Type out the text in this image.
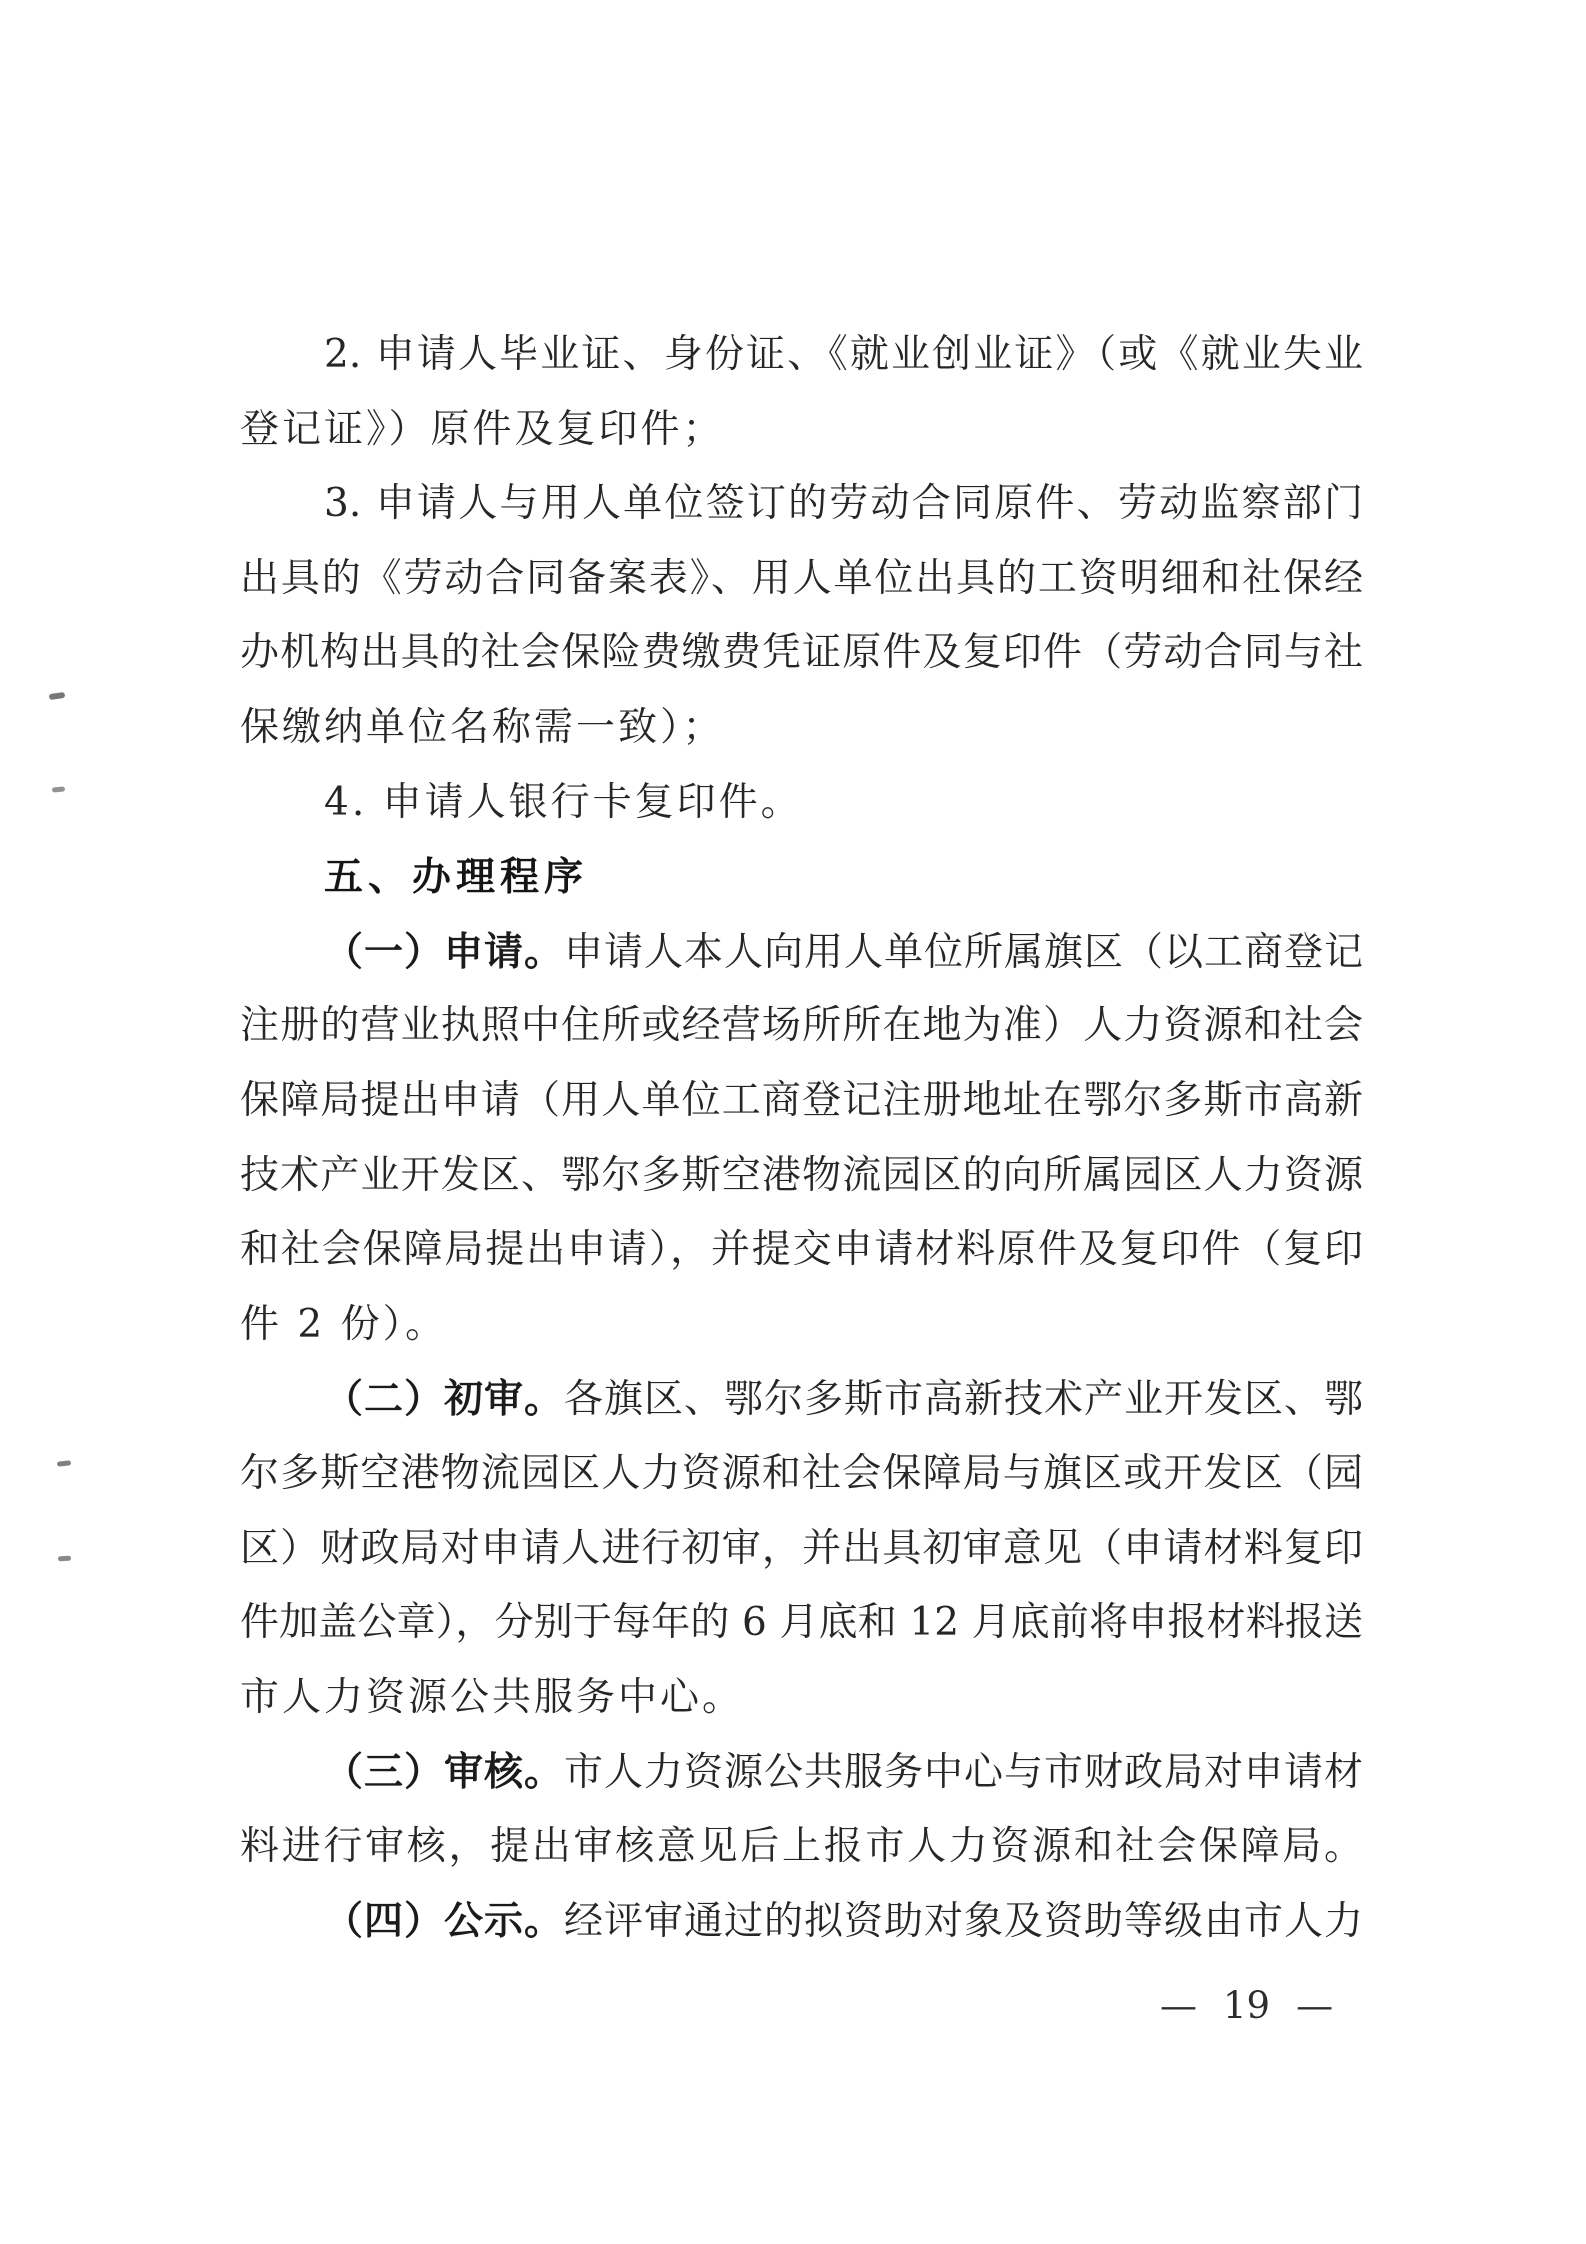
2. 申请人毕业证、身份证、《就业创业证》（或《就业失业
登记证》）原件及复印件；
3. 申请人与用人单位签订的劳动合同原件、劳动监察部门
出具的《劳动合同备案表》、用人单位出具的工资明细和社保经
办机构出具的社会保险费缴费凭证原件及复印件（劳动合同与社
保缴纳单位名称需一致）；
4. 申请人银行卡复印件。
五、办理程序
（一）申请。申请人本人向用人单位所属旗区（以工商登记
注册的营业执照中住所或经营场所所在地为准）人力资源和社会
保障局提出申请（用人单位工商登记注册地址在鄂尔多斯市高新
技术产业开发区、鄂尔多斯空港物流园区的向所属园区人力资源
和社会保障局提出申请），并提交申请材料原件及复印件（复印
件 2 份）。
（二）初审。各旗区、鄂尔多斯市高新技术产业开发区、鄂
尔多斯空港物流园区人力资源和社会保障局与旗区或开发区（园
区）财政局对申请人进行初审，并出具初审意见（申请材料复印
件加盖公章），分别于每年的 6 月底和 12 月底前将申报材料报送
市人力资源公共服务中心。
（三）审核。市人力资源公共服务中心与市财政局对申请材
料进行审核，提出审核意见后上报市人力资源和社会保障局。
（四）公示。经评审通过的拟资助对象及资助等级由市人力
— 19 —
